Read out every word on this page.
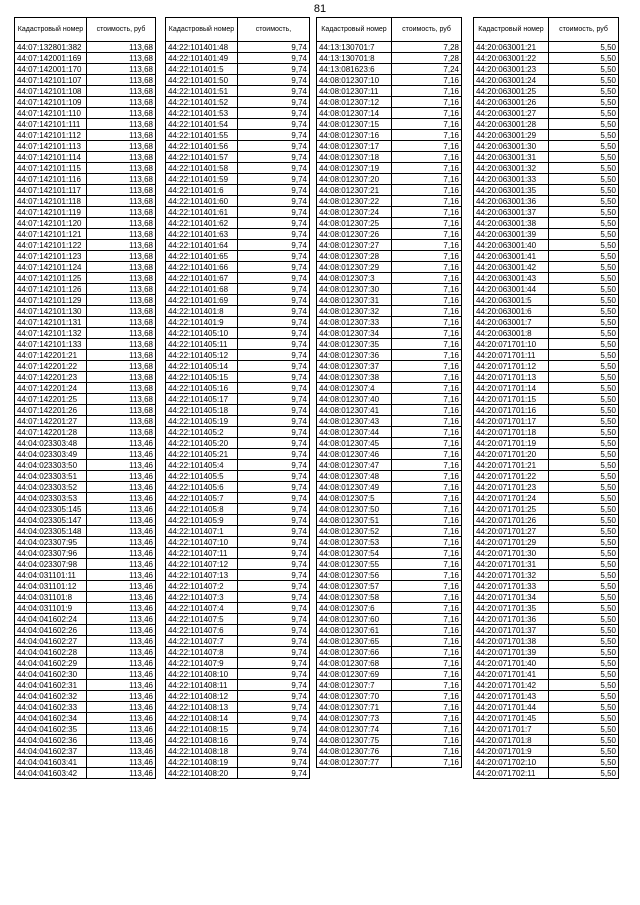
81
Кадастровый номер	стоимость, руб
44:07:132801:382	113,68
44:07:142001:169	113,68
44:07:142001:170	113,68
44:07:142101:107	113,68
44:07:142101:108	113,68
44:07:142101:109	113,68
44:07:142101:110	113,68
44:07:142101:111	113,68
44:07:142101:112	113,68
44:07:142101:113	113,68
44:07:142101:114	113,68
44:07:142101:115	113,68
44:07:142101:116	113,68
44:07:142101:117	113,68
44:07:142101:118	113,68
44:07:142101:119	113,68
44:07:142101:120	113,68
44:07:142101:121	113,68
44:07:142101:122	113,68
44:07:142101:123	113,68
44:07:142101:124	113,68
44:07:142101:125	113,68
44:07:142101:126	113,68
44:07:142101:129	113,68
44:07:142101:130	113,68
44:07:142101:131	113,68
44:07:142101:132	113,68
44:07:142101:133	113,68
44:07:142201:21	113,68
44:07:142201:22	113,68
44:07:142201:23	113,68
44:07:142201:24	113,68
44:07:142201:25	113,68
44:07:142201:26	113,68
44:07:142201:27	113,68
44:07:142201:28	113,68
44:04:023303:48	113,46
44:04:023303:49	113,46
44:04:023303:50	113,46
44:04:023303:51	113,46
44:04:023303:52	113,46
44:04:023303:53	113,46
44:04:023305:145	113,46
44:04:023305:147	113,46
44:04:023305:148	113,46
44:04:023307:95	113,46
44:04:023307:96	113,46
44:04:023307:98	113,46
44:04:031101:11	113,46
44:04:031101:12	113,46
44:04:031101:8	113,46
44:04:031101:9	113,46
44:04:041602:24	113,46
44:04:041602:26	113,46
44:04:041602:27	113,46
44:04:041602:28	113,46
44:04:041602:29	113,46
44:04:041602:30	113,46
44:04:041602:31	113,46
44:04:041602:32	113,46
44:04:041602:33	113,46
44:04:041602:34	113,46
44:04:041602:35	113,46
44:04:041602:36	113,46
44:04:041602:37	113,46
44:04:041603:41	113,46
44:04:041603:42	113,46
Кадастровый номер	стоимость,
44:22:101401:48	9,74
44:22:101401:49	9,74
44:22:101401:5	9,74
44:22:101401:50	9,74
44:22:101401:51	9,74
44:22:101401:52	9,74
44:22:101401:53	9,74
44:22:101401:54	9,74
44:22:101401:55	9,74
44:22:101401:56	9,74
44:22:101401:57	9,74
44:22:101401:58	9,74
44:22:101401:59	9,74
44:22:101401:6	9,74
44:22:101401:60	9,74
44:22:101401:61	9,74
44:22:101401:62	9,74
44:22:101401:63	9,74
44:22:101401:64	9,74
44:22:101401:65	9,74
44:22:101401:66	9,74
44:22:101401:67	9,74
44:22:101401:68	9,74
44:22:101401:69	9,74
44:22:101401:8	9,74
44:22:101401:9	9,74
44:22:101405:10	9,74
44:22:101405:11	9,74
44:22:101405:12	9,74
44:22:101405:14	9,74
44:22:101405:15	9,74
44:22:101405:16	9,74
44:22:101405:17	9,74
44:22:101405:18	9,74
44:22:101405:19	9,74
44:22:101405:2	9,74
44:22:101405:20	9,74
44:22:101405:21	9,74
44:22:101405:4	9,74
44:22:101405:5	9,74
44:22:101405:6	9,74
44:22:101405:7	9,74
44:22:101405:8	9,74
44:22:101405:9	9,74
44:22:101407:1	9,74
44:22:101407:10	9,74
44:22:101407:11	9,74
44:22:101407:12	9,74
44:22:101407:13	9,74
44:22:101407:2	9,74
44:22:101407:3	9,74
44:22:101407:4	9,74
44:22:101407:5	9,74
44:22:101407:6	9,74
44:22:101407:7	9,74
44:22:101407:8	9,74
44:22:101407:9	9,74
44:22:101408:10	9,74
44:22:101408:11	9,74
44:22:101408:12	9,74
44:22:101408:13	9,74
44:22:101408:14	9,74
44:22:101408:15	9,74
44:22:101408:16	9,74
44:22:101408:18	9,74
44:22:101408:19	9,74
44:22:101408:20	9,74
Кадастровый номер	стоимость, руб
44:13:130701:7	7,28
44:13:130701:8	7,28
44:13:081623:6	7,24
44:08:012307:10	7,16
44:08:012307:11	7,16
44:08:012307:12	7,16
44:08:012307:14	7,16
44:08:012307:15	7,16
44:08:012307:16	7,16
44:08:012307:17	7,16
44:08:012307:18	7,16
44:08:012307:19	7,16
44:08:012307:20	7,16
44:08:012307:21	7,16
44:08:012307:22	7,16
44:08:012307:24	7,16
44:08:012307:25	7,16
44:08:012307:26	7,16
44:08:012307:27	7,16
44:08:012307:28	7,16
44:08:012307:29	7,16
44:08:012307:3	7,16
44:08:012307:30	7,16
44:08:012307:31	7,16
44:08:012307:32	7,16
44:08:012307:33	7,16
44:08:012307:34	7,16
44:08:012307:35	7,16
44:08:012307:36	7,16
44:08:012307:37	7,16
44:08:012307:38	7,16
44:08:012307:4	7,16
44:08:012307:40	7,16
44:08:012307:41	7,16
44:08:012307:43	7,16
44:08:012307:44	7,16
44:08:012307:45	7,16
44:08:012307:46	7,16
44:08:012307:47	7,16
44:08:012307:48	7,16
44:08:012307:49	7,16
44:08:012307:5	7,16
44:08:012307:50	7,16
44:08:012307:51	7,16
44:08:012307:52	7,16
44:08:012307:53	7,16
44:08:012307:54	7,16
44:08:012307:55	7,16
44:08:012307:56	7,16
44:08:012307:57	7,16
44:08:012307:58	7,16
44:08:012307:6	7,16
44:08:012307:60	7,16
44:08:012307:61	7,16
44:08:012307:65	7,16
44:08:012307:66	7,16
44:08:012307:68	7,16
44:08:012307:69	7,16
44:08:012307:7	7,16
44:08:012307:70	7,16
44:08:012307:71	7,16
44:08:012307:73	7,16
44:08:012307:74	7,16
44:08:012307:75	7,16
44:08:012307:76	7,16
44:08:012307:77	7,16
Кадастровый номер	стоимость, руб
44:20:063001:21	5,50
44:20:063001:22	5,50
44:20:063001:23	5,50
44:20:063001:24	5,50
44:20:063001:25	5,50
44:20:063001:26	5,50
44:20:063001:27	5,50
44:20:063001:28	5,50
44:20:063001:29	5,50
44:20:063001:30	5,50
44:20:063001:31	5,50
44:20:063001:32	5,50
44:20:063001:33	5,50
44:20:063001:35	5,50
44:20:063001:36	5,50
44:20:063001:37	5,50
44:20:063001:38	5,50
44:20:063001:39	5,50
44:20:063001:40	5,50
44:20:063001:41	5,50
44:20:063001:42	5,50
44:20:063001:43	5,50
44:20:063001:44	5,50
44:20:063001:5	5,50
44:20:063001:6	5,50
44:20:063001:7	5,50
44:20:063001:8	5,50
44:20:071701:10	5,50
44:20:071701:11	5,50
44:20:071701:12	5,50
44:20:071701:13	5,50
44:20:071701:14	5,50
44:20:071701:15	5,50
44:20:071701:16	5,50
44:20:071701:17	5,50
44:20:071701:18	5,50
44:20:071701:19	5,50
44:20:071701:20	5,50
44:20:071701:21	5,50
44:20:071701:22	5,50
44:20:071701:23	5,50
44:20:071701:24	5,50
44:20:071701:25	5,50
44:20:071701:26	5,50
44:20:071701:27	5,50
44:20:071701:29	5,50
44:20:071701:30	5,50
44:20:071701:31	5,50
44:20:071701:32	5,50
44:20:071701:33	5,50
44:20:071701:34	5,50
44:20:071701:35	5,50
44:20:071701:36	5,50
44:20:071701:37	5,50
44:20:071701:38	5,50
44:20:071701:39	5,50
44:20:071701:40	5,50
44:20:071701:41	5,50
44:20:071701:42	5,50
44:20:071701:43	5,50
44:20:071701:44	5,50
44:20:071701:45	5,50
44:20:071701:7	5,50
44:20:071701:8	5,50
44:20:071701:9	5,50
44:20:071702:10	5,50
44:20:071702:11	5,50
